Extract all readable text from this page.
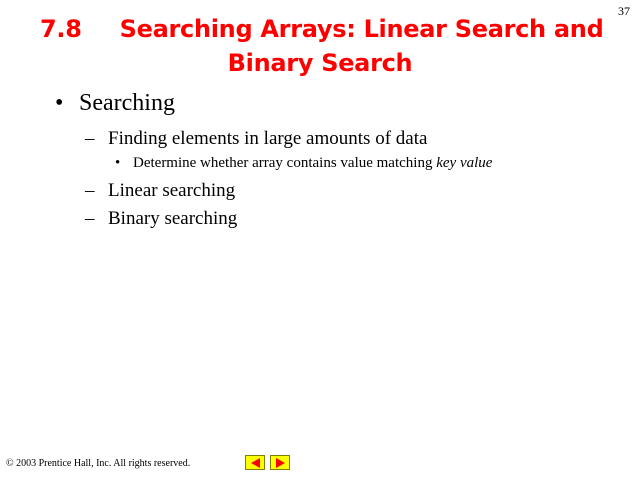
37
7.8 Searching Arrays: Linear Search and
Binary Search
• Searching
– Finding elements in large amounts of data
• Determine whether array contains value matching key value
– Linear searching
– Binary searching
© 2003 Prentice Hall, Inc. All rights reserved.
